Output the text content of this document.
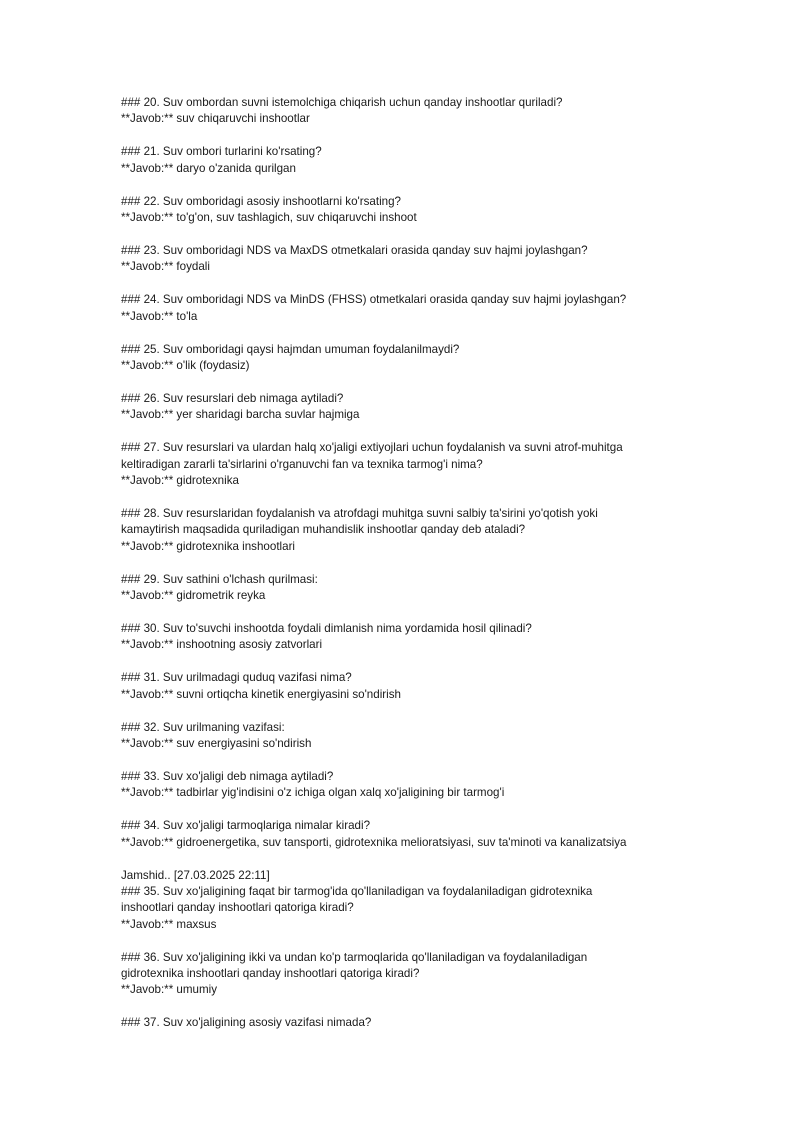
### 20. Suv ombordan suvni istemolchiga chiqarish uchun qanday inshootlar quriladi?
**Javob:** suv chiqaruvchi inshootlar
### 21. Suv ombori turlarini ko'rsating?
**Javob:** daryo o'zanida qurilgan
### 22. Suv omboridagi asosiy inshootlarni ko'rsating?
**Javob:** to'g'on, suv tashlagich, suv chiqaruvchi inshoot
### 23. Suv omboridagi NDS va MaxDS otmetkalari orasida qanday suv hajmi joylashgan?
**Javob:** foydali
### 24. Suv omboridagi NDS va MinDS (FHSS) otmetkalari orasida qanday suv hajmi joylashgan?
**Javob:** to'la
### 25. Suv omboridagi qaysi hajmdan umuman foydalanilmaydi?
**Javob:** o'lik (foydasiz)
### 26. Suv resurslari deb nimaga aytiladi?
**Javob:** yer sharidagi barcha suvlar hajmiga
### 27. Suv resurslari va ulardan halq xo'jaligi extiyojlari uchun foydalanish va suvni atrof-muhitga
keltiradigan zararli ta'sirlarini o'rganuvchi fan va texnika tarmog'i nima?
**Javob:** gidrotexnika
### 28. Suv resurslaridan foydalanish va atrofdagi muhitga suvni salbiy ta'sirini yo'qotish yoki
kamaytirish maqsadida quriladigan muhandislik inshootlar qanday deb ataladi?
**Javob:** gidrotexnika inshootlari
### 29. Suv sathini o'lchash qurilmasi:
**Javob:** gidrometrik reyka
### 30. Suv to'suvchi inshootda foydali dimlanish nima yordamida hosil qilinadi?
**Javob:** inshootning asosiy zatvorlari
### 31. Suv urilmadagi quduq vazifasi nima?
**Javob:** suvni ortiqcha kinetik energiyasini so'ndirish
### 32. Suv urilmaning vazifasi:
**Javob:** suv energiyasini so'ndirish
### 33. Suv xo'jaligi deb nimaga aytiladi?
**Javob:** tadbirlar yig'indisini o'z ichiga olgan xalq xo'jaligining bir tarmog'i
### 34. Suv xo'jaligi tarmoqlariga nimalar kiradi?
**Javob:** gidroenergetika, suv tansporti, gidrotexnika melioratsiyasi, suv ta'minoti va kanalizatsiya
Jamshid.. [27.03.2025 22:11]
### 35. Suv xo'jaligining faqat bir tarmog'ida qo'llaniladigan va foydalaniladigan gidrotexnika
inshootlari qanday inshootlari qatoriga kiradi?
**Javob:** maxsus
### 36. Suv xo'jaligining ikki va undan ko'p tarmoqlarida qo'llaniladigan va foydalaniladigan
gidrotexnika inshootlari qanday inshootlari qatoriga kiradi?
**Javob:** umumiy
### 37. Suv xo'jaligining asosiy vazifasi nimada?
